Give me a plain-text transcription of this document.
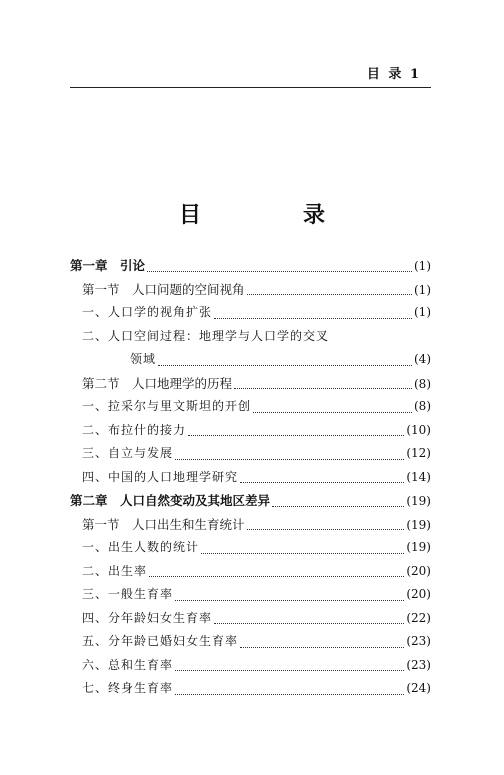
目 录 1
目　录
第一章　引论	(1)
第一节　人口问题的空间视角	(1)
一、人口学的视角扩张	(1)
二、人口空间过程：地理学与人口学的交叉
领域	(4)
第二节　人口地理学的历程	(8)
一、拉采尔与里文斯坦的开创	(8)
二、布拉什的接力	(10)
三、自立与发展	(12)
四、中国的人口地理学研究	(14)
第二章　人口自然变动及其地区差异	(19)
第一节　人口出生和生育统计	(19)
一、出生人数的统计	(19)
二、出生率	(20)
三、一般生育率	(20)
四、分年龄妇女生育率	(22)
五、分年龄已婚妇女生育率	(23)
六、总和生育率	(23)
七、终身生育率	(24)
